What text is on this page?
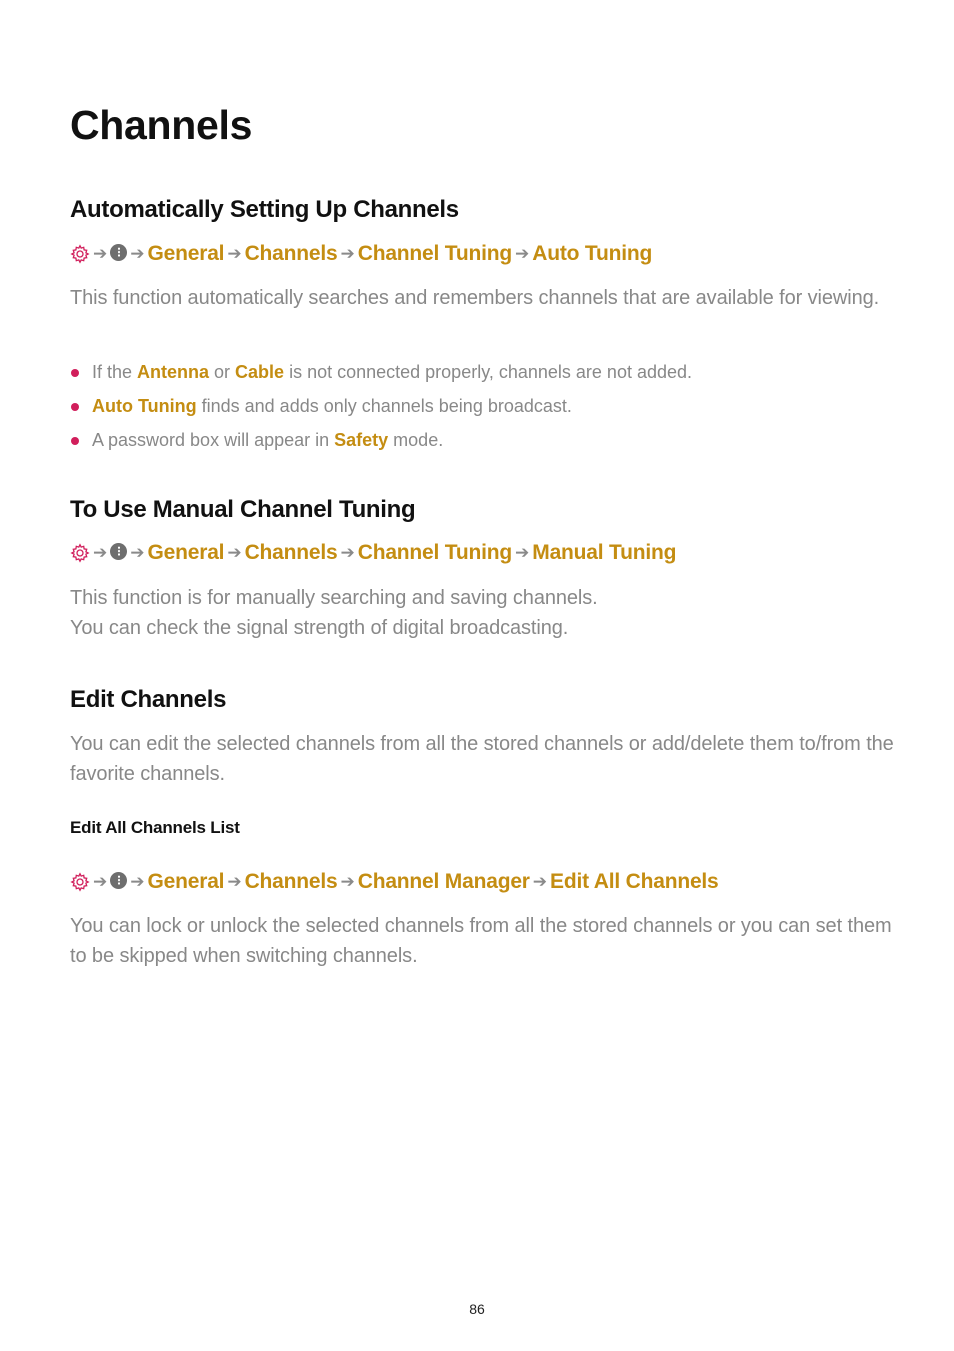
Channels
Automatically Setting Up Channels
➔ ➔ General ➔ Channels ➔ Channel Tuning ➔ Auto Tuning

This function automatically searches and remembers channels that are available for viewing.

If the Antenna or Cable is not connected properly, channels are not added.
Auto Tuning finds and adds only channels being broadcast.
A password box will appear in Safety mode.
To Use Manual Channel Tuning
➔ ➔ General ➔ Channels ➔ Channel Tuning ➔ Manual Tuning

This function is for manually searching and saving channels.
You can check the signal strength of digital broadcasting.

Edit Channels

You can edit the selected channels from all the stored channels or add/delete them to/from the favorite channels.

Edit All Channels List
➔ ➔ General ➔ Channels ➔ Channel Manager ➔ Edit All Channels

You can lock or unlock the selected channels from all the stored channels or you can set them to be skipped when switching channels.

86
